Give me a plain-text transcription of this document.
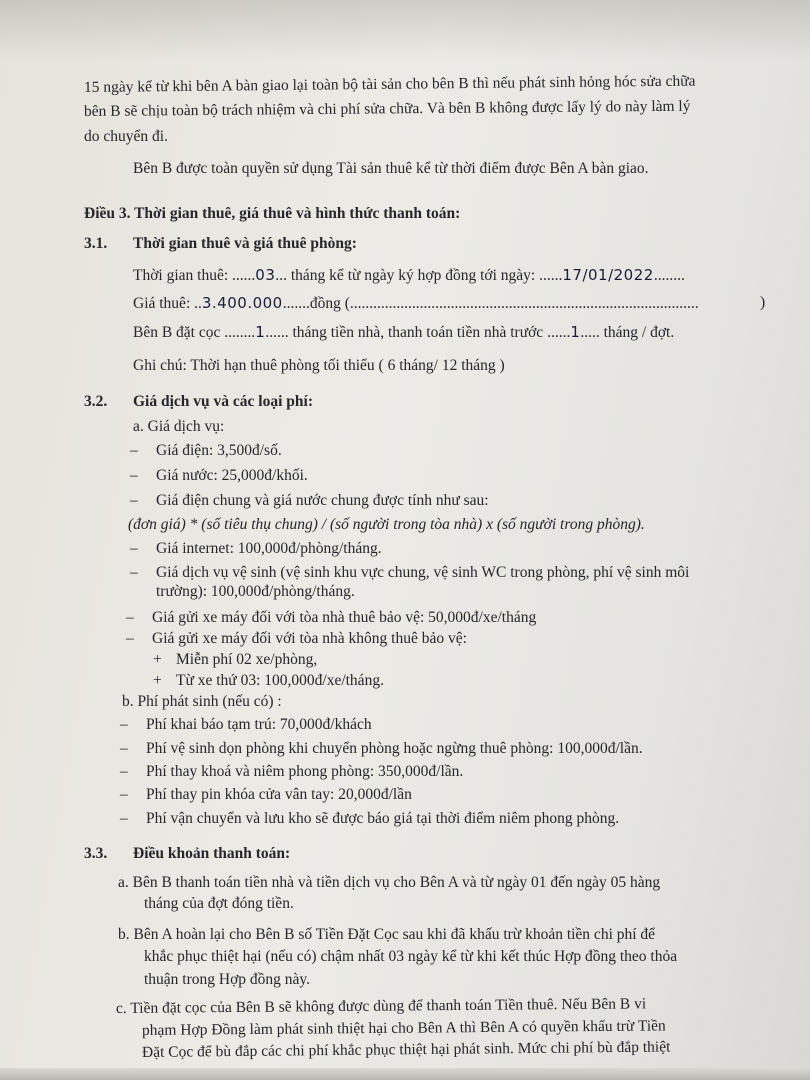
15 ngày kể từ khi bên A bàn giao lại toàn bộ tài sản cho bên B thì nếu phát sinh hỏng hóc sửa chữa
bên B sẽ chịu toàn bộ trách nhiệm và chi phí sửa chữa. Và bên B không được lấy lý do này làm lý
do chuyển đi.
Bên B được toàn quyền sử dụng Tài sản thuê kể từ thời điểm được Bên A bàn giao.
Điều 3. Thời gian thuê, giá thuê và hình thức thanh toán:
3.1. Thời gian thuê và giá thuê phòng:
Thời gian thuê: ......03... tháng kể từ ngày ký hợp đồng tới ngày: ......17/01/2022........
Giá thuê: ..3.400.000.......đồng (..........................................................................................	)
Bên B đặt cọc ........1...... tháng tiền nhà, thanh toán tiền nhà trước ......1..... tháng / đợt.
Ghi chú: Thời hạn thuê phòng tối thiểu ( 6 tháng/ 12 tháng )
3.2. Giá dịch vụ và các loại phí:
a. Giá dịch vụ:
– Giá điện: 3,500đ/số.
– Giá nước: 25,000đ/khối.
– Giá điện chung và giá nước chung được tính như sau:
(đơn giá) * (số tiêu thụ chung) / (số người trong tòa nhà) x (số người trong phòng).
– Giá internet: 100,000đ/phòng/tháng.
– Giá dịch vụ vệ sinh (vệ sinh khu vực chung, vệ sinh WC trong phòng, phí vệ sinh môi
trường): 100,000đ/phòng/tháng.
– Giá gửi xe máy đối với tòa nhà thuê bảo vệ: 50,000đ/xe/tháng
– Giá gửi xe máy đối với tòa nhà không thuê bảo vệ:
+ Miễn phí 02 xe/phòng,
+ Từ xe thứ 03: 100,000đ/xe/tháng.
b. Phí phát sinh (nếu có) :
– Phí khai báo tạm trú: 70,000đ/khách
– Phí vệ sinh dọn phòng khi chuyển phòng hoặc ngừng thuê phòng: 100,000đ/lần.
– Phí thay khoá và niêm phong phòng: 350,000đ/lần.
– Phí thay pin khóa cửa vân tay: 20,000đ/lần
– Phí vận chuyển và lưu kho sẽ được báo giá tại thời điểm niêm phong phòng.
3.3. Điều khoản thanh toán:
a. Bên B thanh toán tiền nhà và tiền dịch vụ cho Bên A và từ ngày 01 đến ngày 05 hàng
tháng của đợt đóng tiền.
b. Bên A hoàn lại cho Bên B số Tiền Đặt Cọc sau khi đã khấu trừ khoản tiền chi phí để
khắc phục thiệt hại (nếu có) chậm nhất 03 ngày kể từ khi kết thúc Hợp đồng theo thỏa
thuận trong Hợp đồng này.
c. Tiền đặt cọc của Bên B sẽ không được dùng để thanh toán Tiền thuê. Nếu Bên B vi
phạm Hợp Đồng làm phát sinh thiệt hại cho Bên A thì Bên A có quyền khấu trừ Tiền
Đặt Cọc để bù đắp các chi phí khắc phục thiệt hại phát sinh. Mức chi phí bù đắp thiệt
